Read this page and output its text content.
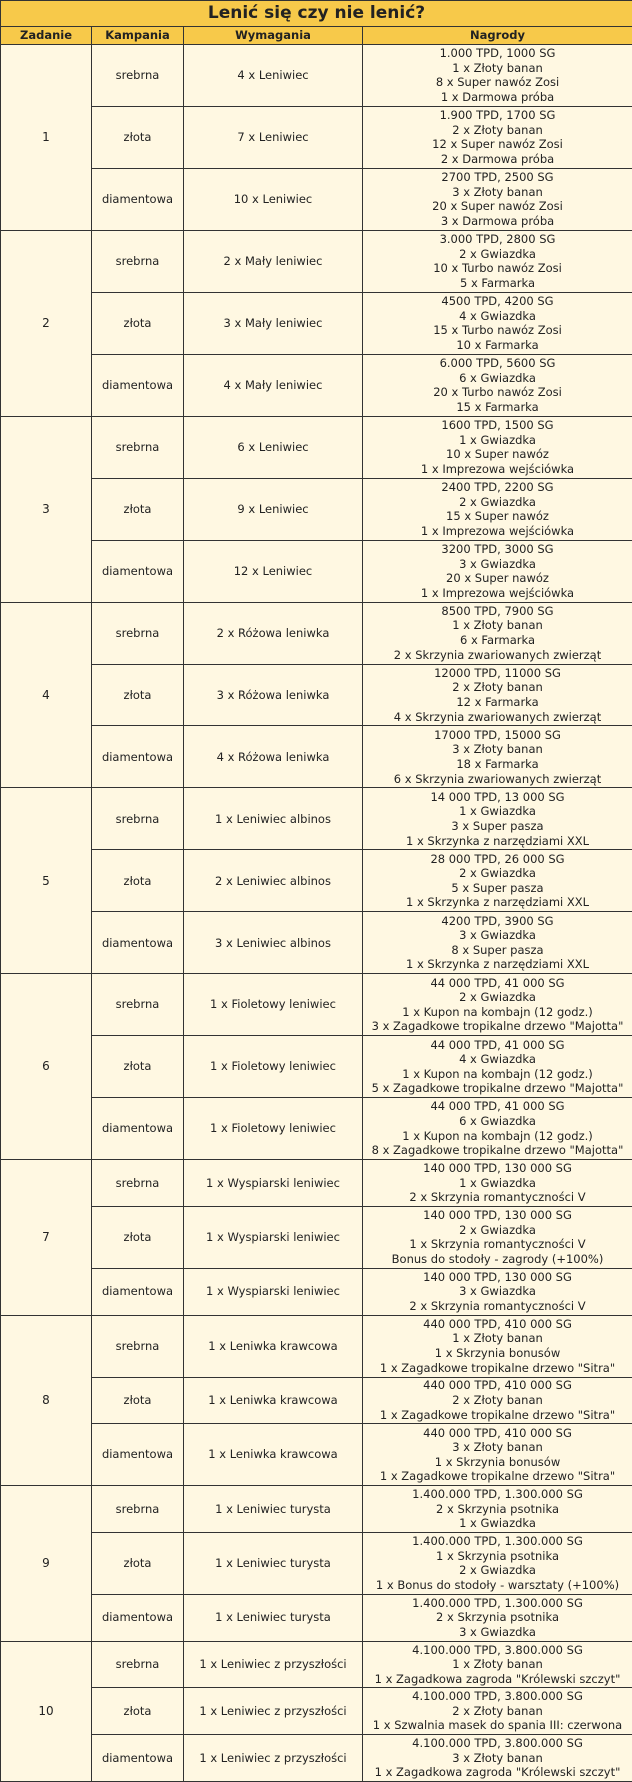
Lenić się czy nie lenić?			
Zadanie	Kampania	Wymagania	Nagrody
1	srebrna	4 x Leniwiec	1.000 TPD, 1000 SG
1 x Złoty banan
8 x Super nawóz Zosi
1 x Darmowa próba

	złota	7 x Leniwiec	1.900 TPD, 1700 SG
2 x Złoty banan
12 x Super nawóz Zosi
2 x Darmowa próba

	diamentowa	10 x Leniwiec	2700 TPD, 2500 SG
3 x Złoty banan
20 x Super nawóz Zosi
3 x Darmowa próba

2	srebrna	2 x Mały leniwiec	3.000 TPD, 2800 SG
2 x Gwiazdka
10 x Turbo nawóz Zosi
5 x Farmarka

	złota	3 x Mały leniwiec	4500 TPD, 4200 SG
4 x Gwiazdka
15 x Turbo nawóz Zosi
10 x Farmarka

	diamentowa	4 x Mały leniwiec	6.000 TPD, 5600 SG
6 x Gwiazdka
20 x Turbo nawóz Zosi
15 x Farmarka

3	srebrna	6 x Leniwiec	1600 TPD, 1500 SG
1 x Gwiazdka
10 x Super nawóz
1 x Imprezowa wejściówka

	złota	9 x Leniwiec	2400 TPD, 2200 SG
2 x Gwiazdka
15 x Super nawóz
1 x Imprezowa wejściówka

	diamentowa	12 x Leniwiec	3200 TPD, 3000 SG
3 x Gwiazdka
20 x Super nawóz
1 x Imprezowa wejściówka

4	srebrna	2 x Różowa leniwka	8500 TPD, 7900 SG
1 x Złoty banan
6 x Farmarka
2 x Skrzynia zwariowanych zwierząt

	złota	3 x Różowa leniwka	12000 TPD, 11000 SG
2 x Złoty banan
12 x Farmarka
4 x Skrzynia zwariowanych zwierząt

	diamentowa	4 x Różowa leniwka	17000 TPD, 15000 SG
3 x Złoty banan
18 x Farmarka
6 x Skrzynia zwariowanych zwierząt

5	srebrna	1 x Leniwiec albinos	14 000 TPD, 13 000 SG
1 x Gwiazdka
3 x Super pasza
1 x Skrzynka z narzędziami XXL

	złota	2 x Leniwiec albinos	28 000 TPD, 26 000 SG
2 x Gwiazdka
5 x Super pasza
1 x Skrzynka z narzędziami XXL

	diamentowa	3 x Leniwiec albinos	4200 TPD, 3900 SG
3 x Gwiazdka
8 x Super pasza
1 x Skrzynka z narzędziami XXL

6	srebrna	1 x Fioletowy leniwiec	44 000 TPD, 41 000 SG
2 x Gwiazdka
1 x Kupon na kombajn (12 godz.)
3 x Zagadkowe tropikalne drzewo "Majotta"

	złota	1 x Fioletowy leniwiec	44 000 TPD, 41 000 SG
4 x Gwiazdka
1 x Kupon na kombajn (12 godz.)
5 x Zagadkowe tropikalne drzewo "Majotta"

	diamentowa	1 x Fioletowy leniwiec	44 000 TPD, 41 000 SG
6 x Gwiazdka
1 x Kupon na kombajn (12 godz.)
8 x Zagadkowe tropikalne drzewo "Majotta"

7	srebrna	1 x Wyspiarski leniwiec	140 000 TPD, 130 000 SG
1 x Gwiazdka
2 x Skrzynia romantyczności V

	złota	1 x Wyspiarski leniwiec	140 000 TPD, 130 000 SG
2 x Gwiazdka
1 x Skrzynia romantyczności V
Bonus do stodoły - zagrody (+100%)

	diamentowa	1 x Wyspiarski leniwiec	140 000 TPD, 130 000 SG
3 x Gwiazdka
2 x Skrzynia romantyczności V

8	srebrna	1 x Leniwka krawcowa	440 000 TPD, 410 000 SG
1 x Złoty banan
1 x Skrzynia bonusów
1 x Zagadkowe tropikalne drzewo "Sitra"

	złota	1 x Leniwka krawcowa	440 000 TPD, 410 000 SG
2 x Złoty banan
1 x Zagadkowe tropikalne drzewo "Sitra"

	diamentowa	1 x Leniwka krawcowa	440 000 TPD, 410 000 SG
3 x Złoty banan
1 x Skrzynia bonusów
1 x Zagadkowe tropikalne drzewo "Sitra"

9	srebrna	1 x Leniwiec turysta	1.400.000 TPD, 1.300.000 SG
2 x Skrzynia psotnika
1 x Gwiazdka

	złota	1 x Leniwiec turysta	1.400.000 TPD, 1.300.000 SG
1 x Skrzynia psotnika
2 x Gwiazdka
1 x Bonus do stodoły - warsztaty (+100%)

	diamentowa	1 x Leniwiec turysta	1.400.000 TPD, 1.300.000 SG
2 x Skrzynia psotnika
3 x Gwiazdka

10	srebrna	1 x Leniwiec z przyszłości	4.100.000 TPD, 3.800.000 SG
1 x Złoty banan
1 x Zagadkowa zagroda "Królewski szczyt"

	złota	1 x Leniwiec z przyszłości	4.100.000 TPD, 3.800.000 SG
2 x Złoty banan
1 x Szwalnia masek do spania III: czerwona

	diamentowa	1 x Leniwiec z przyszłości	4.100.000 TPD, 3.800.000 SG
3 x Złoty banan
1 x Zagadkowa zagroda "Królewski szczyt"
